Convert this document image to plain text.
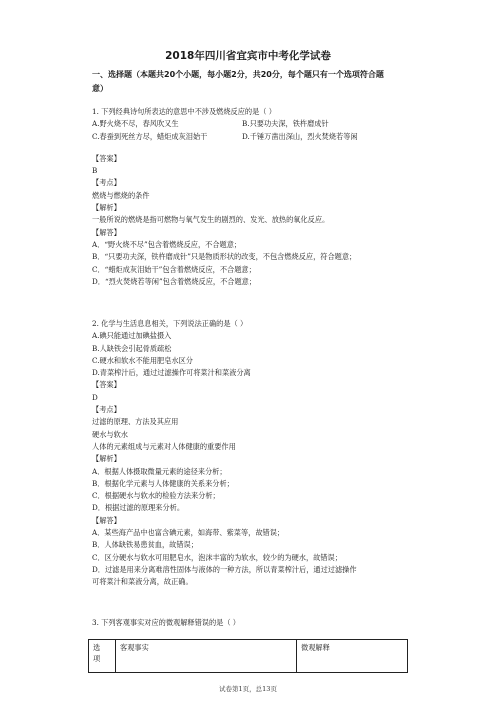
2018年四川省宜宾市中考化学试卷
一、选择题（本题共20个小题，每小题2分，共20分，每个题只有一个选项符合题
意）
1. 下列经典诗句所表达的意思中不涉及燃烧反应的是（ ）
A.野火烧不尽，春风吹又生	B.只要功夫深，铁杵磨成针
C.春蚕到死丝方尽，蜡炬成灰泪始干	D.千锤万凿出深山，烈火焚烧若等闲
【答案】
B
【考点】
燃烧与燃烧的条件
【解析】
一般所说的燃烧是指可燃物与氧气发生的剧烈的、发光、放热的氧化反应。
【解答】
A．“野火烧不尽”包含着燃烧反应，不合题意；
B．“只要功夫深，铁杵磨成针”只是物质形状的改变，不包含燃烧反应，符合题意；
C．“蜡炬成灰泪始干”包含着燃烧反应，不合题意；
D．“烈火焚烧若等闲”包含着燃烧反应，不合题意；
2. 化学与生活息息相关，下列说法正确的是（ ）
A.碘只能通过加碘盐摄入
B.人缺铁会引起骨质疏松
C.硬水和软水不能用肥皂水区分
D.青菜榨汁后，通过过滤操作可将菜汁和菜液分离
【答案】
D
【考点】
过滤的原理、方法及其应用
硬水与软水
人体的元素组成与元素对人体健康的重要作用
【解析】
A．根据人体摄取微量元素的途径来分析；
B．根据化学元素与人体健康的关系来分析；
C．根据硬水与软水的检验方法来分析；
D．根据过滤的原理来分析。
【解答】
A．某些海产品中也富含碘元素，如海带、紫菜等，故错误；
B．人体缺铁易患贫血，故错误；
C．区分硬水与软水可用肥皂水，泡沫丰富的为软水，较少的为硬水，故错误；
D．过滤是用来分离难溶性固体与液体的一种方法，所以青菜榨汁后，通过过滤操作
可将菜汁和菜液分离，故正确。
3. 下列客观事实对应的微观解释错误的是（ ）
选
项
	客观事实	微观解释
试卷第1页，总13页
